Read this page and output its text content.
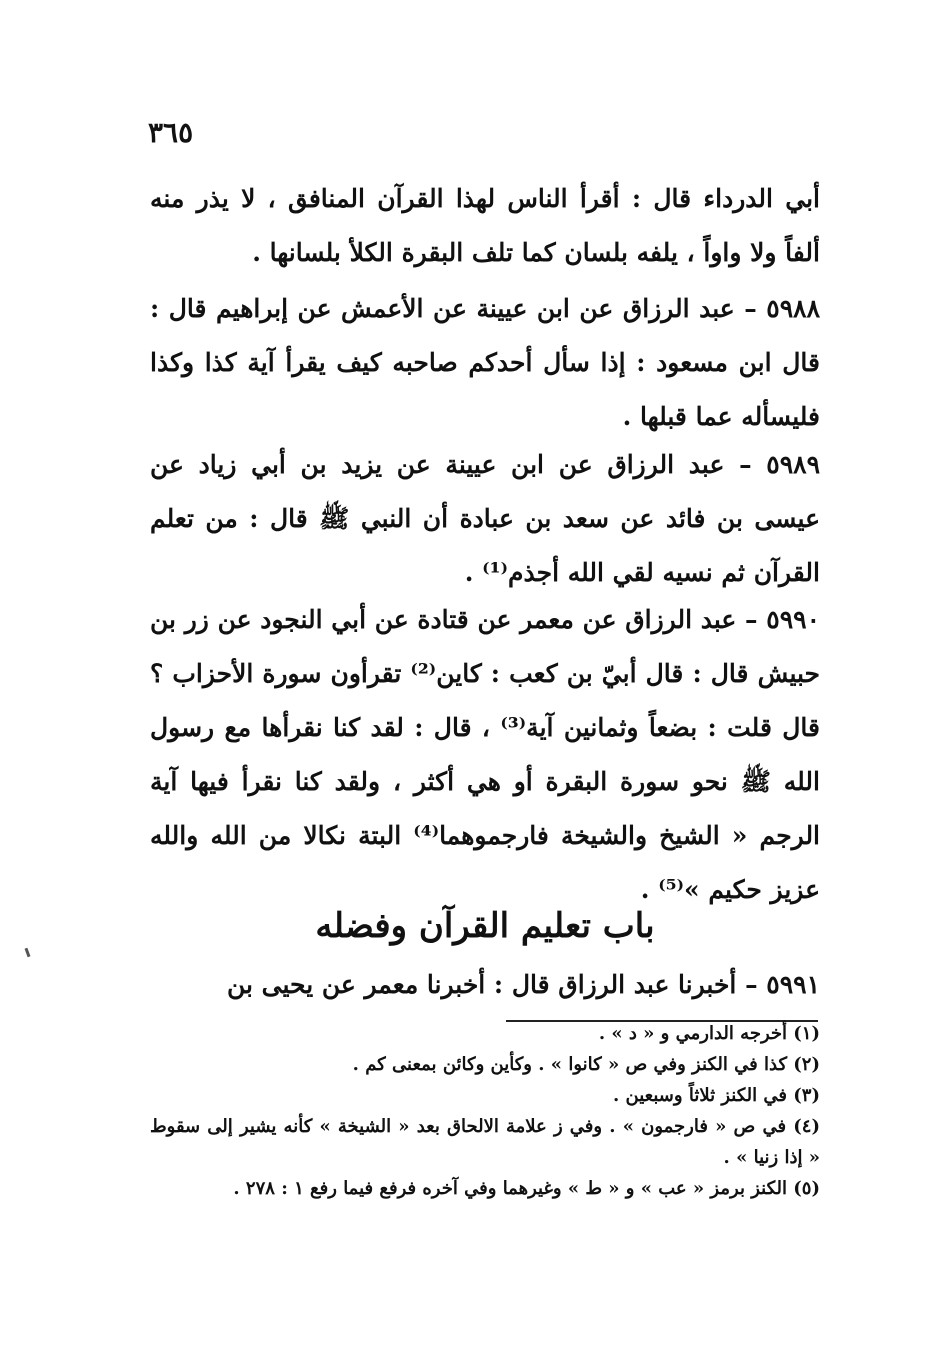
٣٦٥
أبي الدرداء قال : أقرأ الناس لهذا القرآن المنافق ، لا يذر منه ألفاً ولا واواً ، يلفه بلسان كما تلف البقرة الكلأ بلسانها .
٥٩٨٨ – عبد الرزاق عن ابن عيينة عن الأعمش عن إبراهيم قال : قال ابن مسعود : إذا سأل أحدكم صاحبه كيف يقرأ آية كذا وكذا فليسأله عما قبلها .
٥٩٨٩ – عبد الرزاق عن ابن عيينة عن يزيد بن أبي زياد عن عيسى بن فائد عن سعد بن عبادة أن النبي ﷺ قال : من تعلم القرآن ثم نسيه لقي الله أجذم⁽¹⁾ .
٥٩٩٠ – عبد الرزاق عن معمر عن قتادة عن أبي النجود عن زر بن حبيش قال : قال أبيّ بن كعب : كاين⁽²⁾ تقرأون سورة الأحزاب ؟ قال قلت : بضعاً وثمانين آية⁽³⁾ ، قال : لقد كنا نقرأها مع رسول الله ﷺ نحو سورة البقرة أو هي أكثر ، ولقد كنا نقرأ فيها آية الرجم « الشيخ والشيخة فارجموهما⁽⁴⁾ البتة نكالا من الله والله عزيز حكيم »⁽⁵⁾ .
باب تعليم القرآن وفضله
٥٩٩١ – أخبرنا عبد الرزاق قال : أخبرنا معمر عن يحيى بن

(١) أخرجه الدارمي و « د » .

(٢) كذا في الكنز وفي ص « كانوا » . وكأين وكائن بمعنى كم .

(٣) في الكنز ثلاثاً وسبعين .

(٤) في ص « فارجمون » . وفي ز علامة الالحاق بعد « الشيخة » كأنه يشير إلى سقوط « إذا زنيا » .

(٥) الكنز برمز « عب » و « ط » وغيرهما وفي آخره فرفع فيما رفع ١ : ٢٧٨ .
